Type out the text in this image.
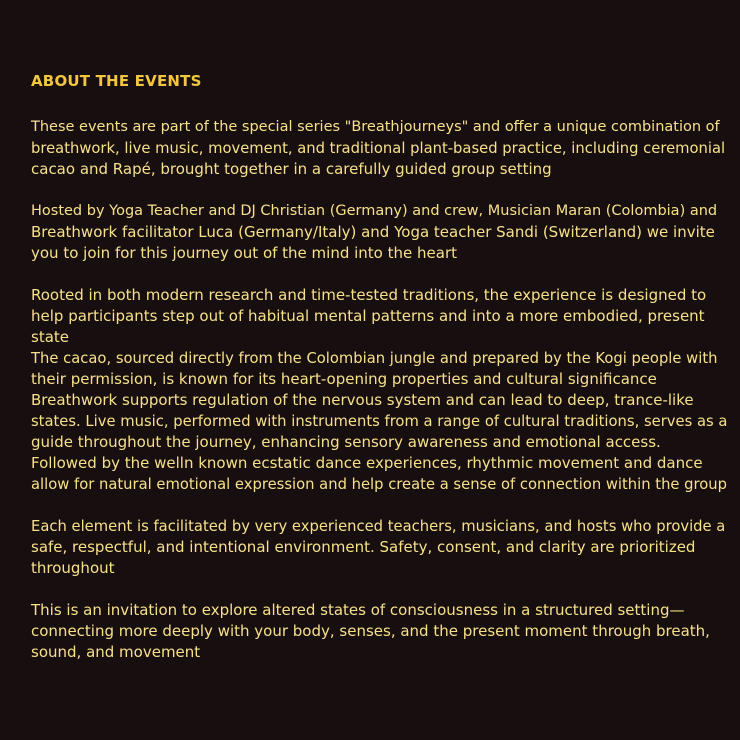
ABOUT THE EVENTS
These events are part of the special series "Breathjourneys" and offer a unique combination of
breathwork, live music, movement, and traditional plant-based practice, including ceremonial
cacao and Rapé, brought together in a carefully guided group setting
Hosted by Yoga Teacher and DJ Christian (Germany) and crew, Musician Maran (Colombia) and
Breathwork facilitator Luca (Germany/Italy) and Yoga teacher Sandi (Switzerland) we invite
you to join for this journey out of the mind into the heart
Rooted in both modern research and time-tested traditions, the experience is designed to
help participants step out of habitual mental patterns and into a more embodied, present
state
The cacao, sourced directly from the Colombian jungle and prepared by the Kogi people with
their permission, is known for its heart-opening properties and cultural significance
Breathwork supports regulation of the nervous system and can lead to deep, trance-like
states. Live music, performed with instruments from a range of cultural traditions, serves as a
guide throughout the journey, enhancing sensory awareness and emotional access.
Followed by the welln known ecstatic dance experiences, rhythmic movement and dance
allow for natural emotional expression and help create a sense of connection within the group
Each element is facilitated by very experienced teachers, musicians, and hosts who provide a
safe, respectful, and intentional environment. Safety, consent, and clarity are prioritized
throughout
This is an invitation to explore altered states of consciousness in a structured setting—
connecting more deeply with your body, senses, and the present moment through breath,
sound, and movement
